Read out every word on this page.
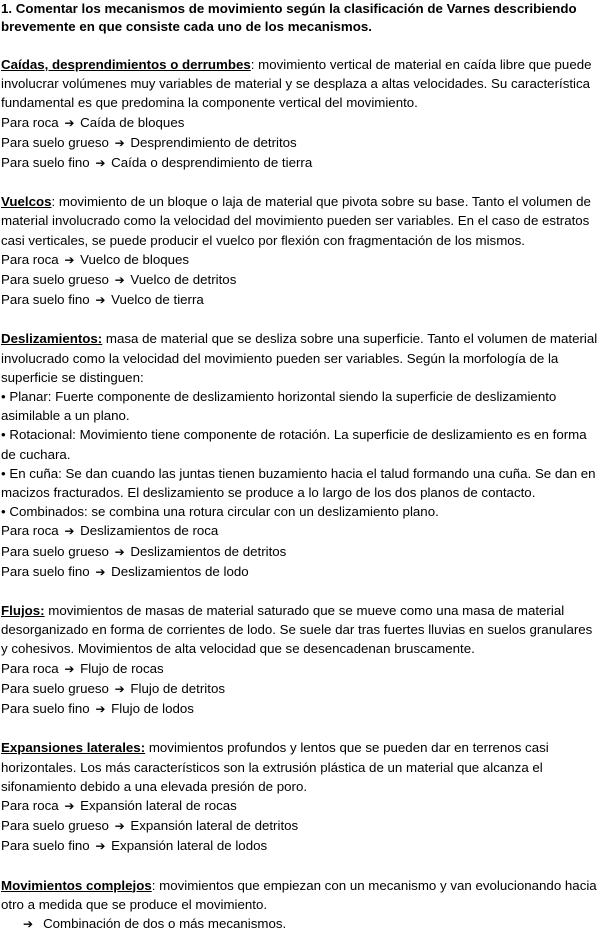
1. Comentar los mecanismos de movimiento según la clasificación de Varnes describiendo brevemente en que consiste cada uno de los mecanismos.

Caídas, desprendimientos o derrumbes: movimiento vertical de material en caída libre que puede involucrar volúmenes muy variables de material y se desplaza a altas velocidades. Su característica fundamental es que predomina la componente vertical del movimiento.

Para roca ➔ Caída de bloques

Para suelo grueso ➔ Desprendimiento de detritos

Para suelo fino ➔ Caída o desprendimiento de tierra

Vuelcos: movimiento de un bloque o laja de material que pivota sobre su base. Tanto el volumen de material involucrado como la velocidad del movimiento pueden ser variables. En el caso de estratos casi verticales, se puede producir el vuelco por flexión con fragmentación de los mismos.

Para roca ➔ Vuelco de bloques

Para suelo grueso ➔ Vuelco de detritos

Para suelo fino ➔ Vuelco de tierra

Deslizamientos: masa de material que se desliza sobre una superficie. Tanto el volumen de material involucrado como la velocidad del movimiento pueden ser variables. Según la morfología de la superficie se distinguen:

• Planar: Fuerte componente de deslizamiento horizontal siendo la superficie de deslizamiento asimilable a un plano.

• Rotacional: Movimiento tiene componente de rotación. La superficie de deslizamiento es en forma de cuchara.

• En cuña: Se dan cuando las juntas tienen buzamiento hacia el talud formando una cuña. Se dan en macizos fracturados. El deslizamiento se produce a lo largo de los dos planos de contacto.

• Combinados: se combina una rotura circular con un deslizamiento plano.

Para roca ➔ Deslizamientos de roca

Para suelo grueso ➔ Deslizamientos de detritos

Para suelo fino ➔ Deslizamientos de lodo

Flujos: movimientos de masas de material saturado que se mueve como una masa de material desorganizado en forma de corrientes de lodo. Se suele dar tras fuertes lluvias en suelos granulares y cohesivos. Movimientos de alta velocidad que se desencadenan bruscamente.

Para roca ➔ Flujo de rocas

Para suelo grueso ➔ Flujo de detritos

Para suelo fino ➔ Flujo de lodos

Expansiones laterales: movimientos profundos y lentos que se pueden dar en terrenos casi horizontales. Los más característicos son la extrusión plástica de un material que alcanza el sifonamiento debido a una elevada presión de poro.

Para roca ➔ Expansión lateral de rocas

Para suelo grueso ➔ Expansión lateral de detritos

Para suelo fino ➔ Expansión lateral de lodos

Movimientos complejos: movimientos que empiezan con un mecanismo y van evolucionando hacia otro a medida que se produce el movimiento.

➔ Combinación de dos o más mecanismos.
